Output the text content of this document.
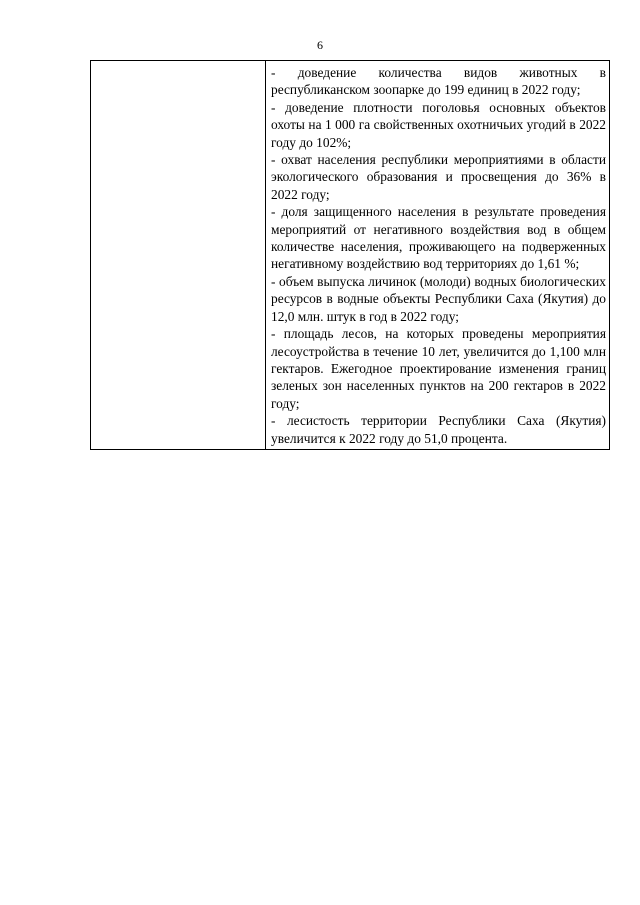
6

- доведение количества видов животных в республиканском зоопарке до 199 единиц в 2022 году;

- доведение плотности поголовья основных объектов охоты на 1 000 га свойственных охотничьих угодий в 2022 году до 102%;

- охват населения республики мероприятиями в области экологического образования и просвещения до 36% в 2022 году;

- доля защищенного населения в результате проведения мероприятий от негативного воздействия вод в общем количестве населения, проживающего на подверженных негативному воздействию вод территориях до 1,61 %;

- объем выпуска личинок (молоди) водных биологических ресурсов в водные объекты Республики Саха (Якутия) до 12,0 млн. штук в год в 2022 году;

- площадь лесов, на которых проведены мероприятия лесоустройства в течение 10 лет, увеличится до 1,100 млн гектаров. Ежегодное проектирование изменения границ зеленых зон населенных пунктов на 200 гектаров в 2022 году;

- лесистость территории Республики Саха (Якутия) увеличится к 2022 году до 51,0 процента.
